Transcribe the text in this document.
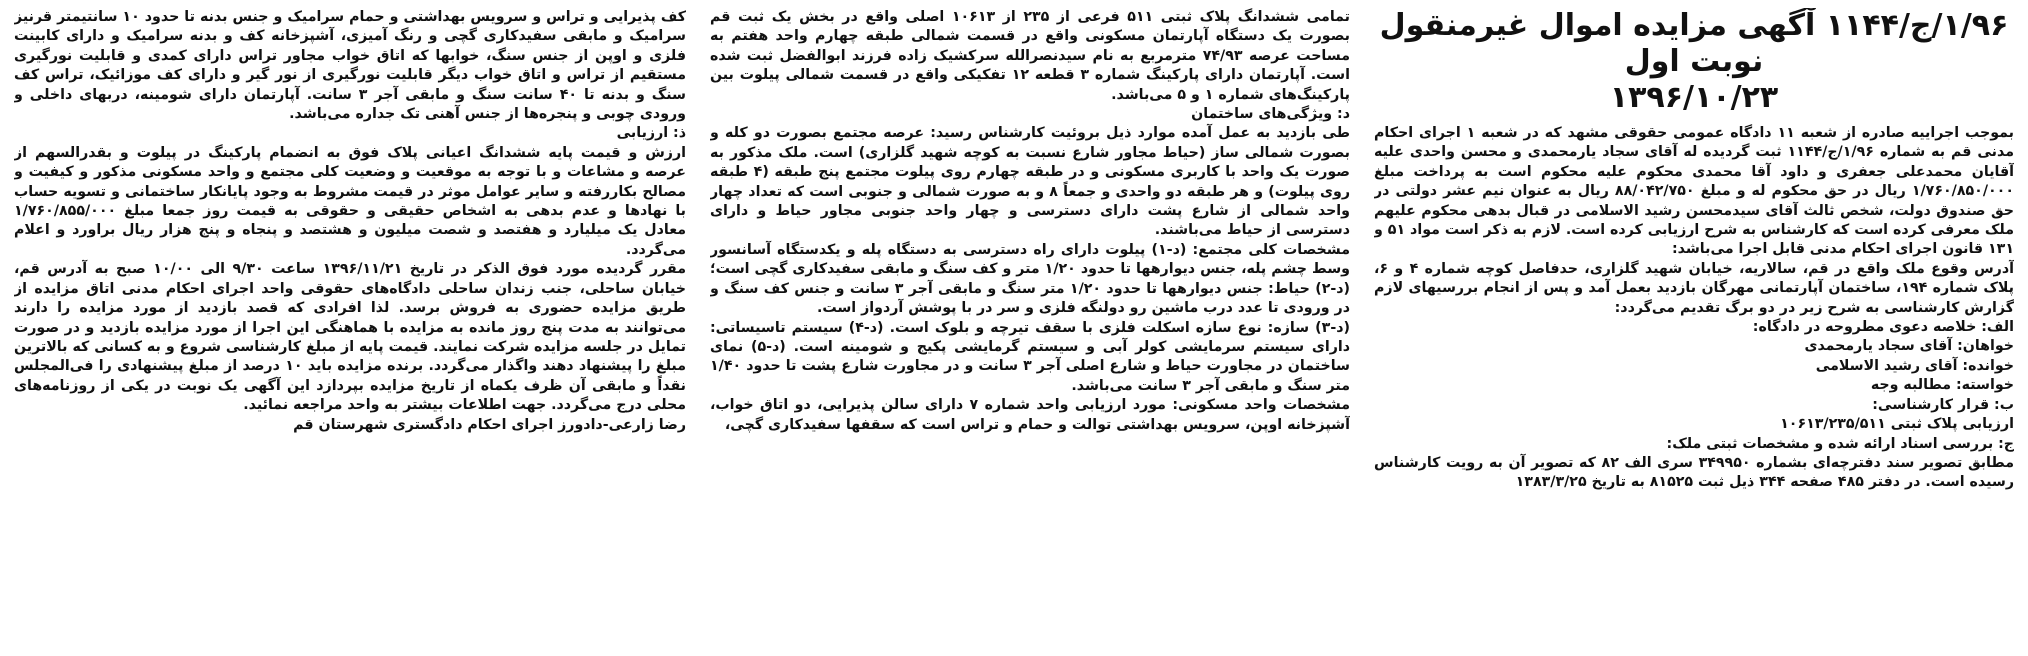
۱/۹۶/ج/۱۱۴۴ آگهی مزایده اموال غیرمنقول نوبت اول
۱۳۹۶/۱۰/۲۳

بموجب اجراییه صادره از شعبه ۱۱ دادگاه عمومی حقوقی مشهد که در شعبه ۱ اجرای احکام مدنی قم به شماره ۱/۹۶/ج/۱۱۴۴ ثبت گردیده له آقای سجاد یارمحمدی و محسن واحدی علیه آقایان محمدعلی جعفری و داود آقا محمدی محکوم علیه محکوم است به پرداخت مبلغ ۱/۷۶۰/۸۵۰/۰۰۰ ریال در حق محکوم له و مبلغ ۸۸/۰۴۲/۷۵۰ ریال به عنوان نیم عشر دولتی در حق صندوق دولت، شخص ثالث آقای سیدمحسن رشید الاسلامی در قبال بدهی محکوم علیهم ملک معرفی کرده است که کارشناس به شرح ارزیابی کرده است. لازم به ذکر است مواد ۵۱ و ۱۳۱ قانون اجرای احکام مدنی قابل اجرا می‌باشد:

آدرس وقوع ملک واقع در قم، سالاریه، خیابان شهید گلزاری، حدفاصل کوچه شماره ۴ و ۶، پلاک شماره ۱۹۴، ساختمان آپارتمانی مهرگان بازدید بعمل آمد و پس از انجام بررسیهای لازم گزارش کارشناسی به شرح زیر در دو برگ تقدیم می‌گردد:

الف: خلاصه دعوی مطروحه در دادگاه:

خواهان: آقای سجاد یارمحمدی

خوانده: آقای رشید الاسلامی

خواسته: مطالبه وجه

ب: قرار کارشناسی:

ارزیابی پلاک ثبتی ۱۰۶۱۳/۲۳۵/۵۱۱

ج: بررسی اسناد ارائه شده و مشخصات ثبتی ملک:

مطابق تصویر سند دفترچه‌ای بشماره ۳۴۹۹۵۰ سری الف ۸۲ که تصویر آن به رویت کارشناس رسیده است. در دفتر ۴۸۵ صفحه ۳۴۴ ذیل ثبت ۸۱۵۲۵ به تاریخ ۱۳۸۳/۳/۲۵

تمامی ششدانگ پلاک ثبتی ۵۱۱ فرعی از ۲۳۵ از ۱۰۶۱۳ اصلی واقع در بخش یک ثبت قم بصورت یک دستگاه آپارتمان مسکونی واقع در قسمت شمالی طبقه چهارم واحد هفتم به مساحت عرصه ۷۴/۹۳ مترمربع به نام سیدنصرالله سرکشیک زاده فرزند ابوالفضل ثبت شده است. آپارتمان دارای پارکینگ شماره ۳ قطعه ۱۲ تفکیکی واقع در قسمت شمالی پیلوت بین پارکینگ‌های شماره ۱ و ۵ می‌باشد.

د: ویژگی‌های ساختمان

طی بازدید به عمل آمده موارد ذیل بروئیت کارشناس رسید: عرصه مجتمع بصورت دو کله و بصورت شمالی ساز (حیاط مجاور شارع نسبت به کوچه شهید گلزاری) است. ملک مذکور به صورت یک واحد با کاربری مسکونی و در طبقه چهارم روی پیلوت مجتمع پنج طبقه (۴ طبقه روی پیلوت) و هر طبقه دو واحدی و جمعاً ۸ و به صورت شمالی و جنوبی است که تعداد چهار واحد شمالی از شارع پشت دارای دسترسی و چهار واحد جنوبی مجاور حیاط و دارای دسترسی از حیاط می‌باشند.

مشخصات کلی مجتمع: (د-۱) پیلوت دارای راه دسترسی به دستگاه پله و یکدستگاه آسانسور وسط چشم پله، جنس دیوارهها تا حدود ۱/۲۰ متر و کف سنگ و مابقی سفیدکاری گچی است؛ (د-۲) حیاط: جنس دیوارهها تا حدود ۱/۲۰ متر سنگ و مابقی آجر ۳ سانت و جنس کف سنگ و در ورودی تا عدد درب ماشین رو دولنگه فلزی و سر در با پوشش آردواز است.

(د-۳) سازه: نوع سازه اسکلت فلزی با سقف تیرچه و بلوک است. (د-۴) سیستم تاسیساتی: دارای سیستم سرمایشی کولر آبی و سیستم گرمایشی پکیج و شومینه است. (د-۵) نمای ساختمان در مجاورت حیاط و شارع اصلی آجر ۳ سانت و در مجاورت شارع پشت تا حدود ۱/۴۰ متر سنگ و مابقی آجر ۳ سانت می‌باشد.

مشخصات واحد مسکونی: مورد ارزیابی واحد شماره ۷ دارای سالن پذیرایی، دو اتاق خواب، آشپزخانه اوپن، سرویس بهداشتی توالت و حمام و تراس است که سقفها سفیدکاری گچی،

کف پذیرایی و تراس و سرویس بهداشتی و حمام سرامیک و جنس بدنه تا حدود ۱۰ سانتیمتر قرنیز سرامیک و مابقی سفیدکاری گچی و رنگ آمیزی، آشپزخانه کف و بدنه سرامیک و دارای کابینت فلزی و اوپن از جنس سنگ، خوابها که اتاق خواب مجاور تراس دارای کمدی و قابلیت نورگیری مستقیم از تراس و اتاق خواب دیگر قابلیت نورگیری از نور گیر و دارای کف موزائیک، تراس کف سنگ و بدنه تا ۴۰ سانت سنگ و مابقی آجر ۳ سانت. آپارتمان دارای شومینه، دربهای داخلی و ورودی چوبی و پنجره‌ها از جنس آهنی تک جداره می‌باشد.

ذ: ارزیابی

ارزش و قیمت پایه ششدانگ اعیانی پلاک فوق به انضمام پارکینگ در پیلوت و بقدرالسهم از عرصه و مشاعات و با توجه به موقعیت و وضعیت کلی مجتمع و واحد مسکونی مذکور و کیفیت و مصالح بکاررفته و سایر عوامل موثر در قیمت مشروط به وجود پایانکار ساختمانی و تسویه حساب با نهادها و عدم بدهی به اشخاص حقیقی و حقوقی به قیمت روز جمعا مبلغ ۱/۷۶۰/۸۵۵/۰۰۰ معادل یک میلیارد و هفتصد و شصت میلیون و هشتصد و پنجاه و پنج هزار ریال براورد و اعلام می‌گردد.

مقرر گردیده مورد فوق الذکر در تاریخ ۱۳۹۶/۱۱/۲۱ ساعت ۹/۳۰ الی ۱۰/۰۰ صبح به آدرس قم، خیابان ساحلی، جنب زندان ساحلی دادگاه‌های حقوقی واحد اجرای احکام مدنی اتاق مزایده از طریق مزایده حضوری به فروش برسد. لذا افرادی که قصد بازدید از مورد مزایده را دارند می‌توانند به مدت پنج روز مانده به مزایده با هماهنگی این اجرا از مورد مزایده بازدید و در صورت تمایل در جلسه مزایده شرکت نمایند. قیمت پایه از مبلغ کارشناسی شروع و به کسانی که بالاترین مبلغ را پیشنهاد دهند واگذار می‌گردد. برنده مزایده باید ۱۰ درصد از مبلغ پیشنهادی را فی‌المجلس نقداً و مابقی آن ظرف یکماه از تاریخ مزایده بپردازد این آگهی یک نوبت در یکی از روزنامه‌های محلی درج می‌گردد. جهت اطلاعات بیشتر به واحد مراجعه نمائید.

رضا زارعی-دادورز اجرای احکام دادگستری شهرستان قم
